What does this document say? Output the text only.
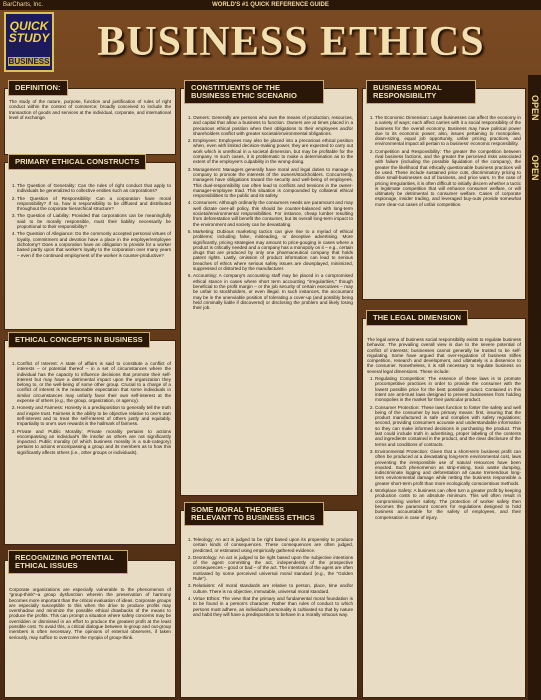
BarCharts, Inc.	WORLD'S #1 QUICK REFERENCE GUIDE
QUICK STUDY
BUSINESS	BUSINESS ETHICS
OPEN
OPEN

The study of the nature, purpose, function and justification of rules of right conduct within the context of commerce; broadly conceived to include the transaction of goods and services at the individual, corporate, and international level of exchange.

DEFINITION:
1. The Question of Generality: Can the rules of right conduct that apply to individuals be generalized to collective entities such as corporations?
2. The Question of Responsibility: Can a corporation have moral responsibility? If so, how is responsibility to be diffused and distributed throughout the corporate hierarchical structure?
3. The Question of Liability: Provided that corporations can be meaningfully said to be morally responsible, must their liability necessarily be proportional to their responsibility?
4. The Question of Allegiance: Do the commonly accepted personal virtues of loyalty, commitment and devotion have a place in the employer/employee dichotomy? Does a corporation have an obligation to provide for a worker based partly upon that worker's loyalty to the corporation over many years – even if the continued employment of the worker is counter-productive?
PRIMARY ETHICAL CONSTRUCTS
1. Conflict of Interest: A state of affairs is said to constitute a conflict of interests – or potential thereof – in a set of circumstances where the individual has the capacity to influence decisions that promote their self-interest but may have a detrimental impact upon the organization they belong to, or the well-being of some other group. Crucial to a charge of a conflict of interest is the reasonable expectation that some individuals in similar circumstances may unfairly favor their own self-interest at the expense of others (e.g., the group, organization, or agency).
2. Honesty and Fairness: Honesty is a predisposition to generally tell the truth and inspire trust. Fairness is the ability to be objective relative to one's own self-interest and to treat the self-interest of others justly and equitably. Impartiality to one's own rewards is the hallmark of fairness.
3. Private and Public Morality: Private morality pertains to actions encompassing an individual's life insofar as others are not significantly impacted. Public morality (of which business morality is a sub-category) pertains to actions encompassing a group and its members as to how this significantly affects others (i.e., other groups or individuals).
ETHICAL CONCEPTS IN BUSINESS

Corporate organizations are especially vulnerable to the phenomenon of "group-think"–a group dysfunction wherein the preservation of harmony becomes more important than the critical evaluation of ideas. Corporate groups are especially susceptible to this when the drive to produce profits may overshadow and minimize the possible ethical drawbacks of the means to produce the profits. This can prompt a situation where safety concerns may be overridden or dismissed in an effort to produce the greatest profit at the least possible cost. To avoid this, a critical dialogue between in-group and out-group members is often necessary. The opinions of external observers, if taken seriously, may suffice to overcome the myopia of group-think.

RECOGNIZING POTENTIAL ETHICAL ISSUES
1. Owners: Generally are persons who own the means of production, resources, and capital that allow a business to function. Owners are at times placed in a precarious ethical position when their obligations to their employees and/or shareholders conflict with greater societal/environmental obligations.
2. Employees: Employees may also be placed into a precarious ethical position when, even with limited decision-making power, they are expected to carry out work which is unethical in a societal dimension, but may be profitable for the company. In such cases, it is problematic to make a determination as to the extent of the employee's culpability in the wrong-doing.
3. Management: Managers generally have moral and legal duties to manage a company to promote the interests of the owners/stockholders. Concurrently, managers have obligations toward the security and well-being of employees. This dual-responsibility can often lead to conflicts and tensions in the owner-manager-employee triad. This situation is compounded by collateral ethical responsibilities to the public and its safety.
4. Consumers: Although ordinarily the consumers needs are paramount and may well dictate over-all policy, this should be counter-balanced with long-term societal/environmental responsibilities. For instance, cheap lumber resulting from deforestation will benefit the consumer, but its overall long-term impact to the environment and society can be devastating.
5. Marketing: Dubious marketing tactics can give rise to a myriad of ethical problems; including false, misleading, or deceptive advertising. More significantly, pricing strategies may amount to price-gouging in cases where a product is critically needed and a company has a monopoly on it – e.g., certain drugs that are produced by only one pharmaceutical company that holds patent rights. Lastly, omission of product information can lead to serious breaches of ethics where serious safety issues are downplayed, minimized, suppressed or distorted by the manufacturer.
6. Accounting: A company's accounting staff may be placed in a compromised ethical stance in cases where short term accounting "irregularities," though beneficial to the profit margin – or the job security of certain executives – may be unfair to stockholders, or even illegal. In such instances, the accountant may be in the unenviable position of tolerating a cover-up (and possibly being held criminally liable if discovered) or disclosing the problem and likely losing their job.
CONSTITUENTS OF THE BUSINESS ETHIC SCENARIO
1. Teleology: An act is judged to be right based upon its propensity to produce certain kinds of consequences. These consequences are often judged, predicted, or estimated using empirically gathered evidence.
2. Deontology: An act is judged to be right based upon the subjective intentions of the agent committing the act, independently of the prospective consequences – good or bad – of the act. The intentions of the agent are often motivated by some perceived universal moral standard (e.g., the "Golden Rule").
3. Relativism: All moral standards are relative to person, place, time and/or culture. There is no objective, immutable, universal moral standard.
4. Virtue Ethics: The view that the primary and fundamental moral foundation is to be found in a person's character. Rather than rules of conduct to which persons must adhere, an individual's personality is cultivated so that by nature and habit they will have a predisposition to behave in a morally virtuous way.
SOME MORAL THEORIES RELEVANT TO BUSINESS ETHICS
1. The Economic Dimension: Large businesses can affect the economy in a variety of ways; each affect carries with it a social responsibility of the business for the overall economy. Business may have political power due to its economic power; also, issues pertaining to monopolies, down-sizing, equal job opportunity, unfair pricing practices, and environmental impact all pertain to a business' economic responsibility.
2. Competition and Responsibility: The greater the competition between rival business factions, and the greater the perceived risks associated with failure (including the possible liquidation of the company), the greater the likelihood that ethically questionable business practices will be used. These include sustained price cuts, discriminatory pricing to drive small-businesses out of business, and price wars. In the case of pricing irregularities, it is often difficult to initially discern whether a tactic is legitimate competition that will enhance consumer welfare, or will ultimately be detrimental to consumer welfare. Cases of corporate espionage, insider trading, and leveraged buy-outs provide somewhat more clear-cut cases of unfair competition.
BUSINESS MORAL RESPONSIBILITY

The legal arena of business social responsibility exists to regulate business behavior. The prevailing overall view is due to the severe potential of conflict of interests; businesses cannot generally be trusted to be self-regulating. Some have argued that over-regulation of business stifles competition, research and development, and ultimately is a disservice to the consumer. Nonetheless, it is still necessary to regulate business on several legal dimensions. These include:

1. Regulating Competition: The essence of these laws is to promote procompetitive practices in order to provide the consumer with the lowest possible price for the best possible product. Contained in this intent are anti-trust laws designed to prevent businesses from holding monopolies in the market for their particular product.
2. Consumer Protection: These laws function to foster the safety and well being of the consumer by two primary means: first, insuring that the product manufactured is safe and complies with safety regulations; second, providing consumers accurate and understandable information so they can make informed decisions in purchasing the product. This last could include truth in advertising, proper labeling of the contents and ingredients contained in the product, and the clear disclosure of the terms and conditions of contracts.
3. Environmental Protection: Given that a short-term business profit can often be produced at a devastating long-term environmental cost, laws preventing the irresponsible use of natural resources have been enacted. Such phenomenon as strip-mining, toxic waste dumping, indiscriminate logging and deforestation all cause tremendous long-term environmental damage while netting the business responsible a greater short-term profit than more ecologically conscientious methods.
4. Workplace Safety: A business can often turn a greater profit by keeping production costs to an absolute minimum. This will often result in compromising worker safety. The protection of worker safety then becomes the paramount concern for regulations designed to hold business accountable for the safety of employees, and their compensation in case of injury.
THE LEGAL DIMENSION
